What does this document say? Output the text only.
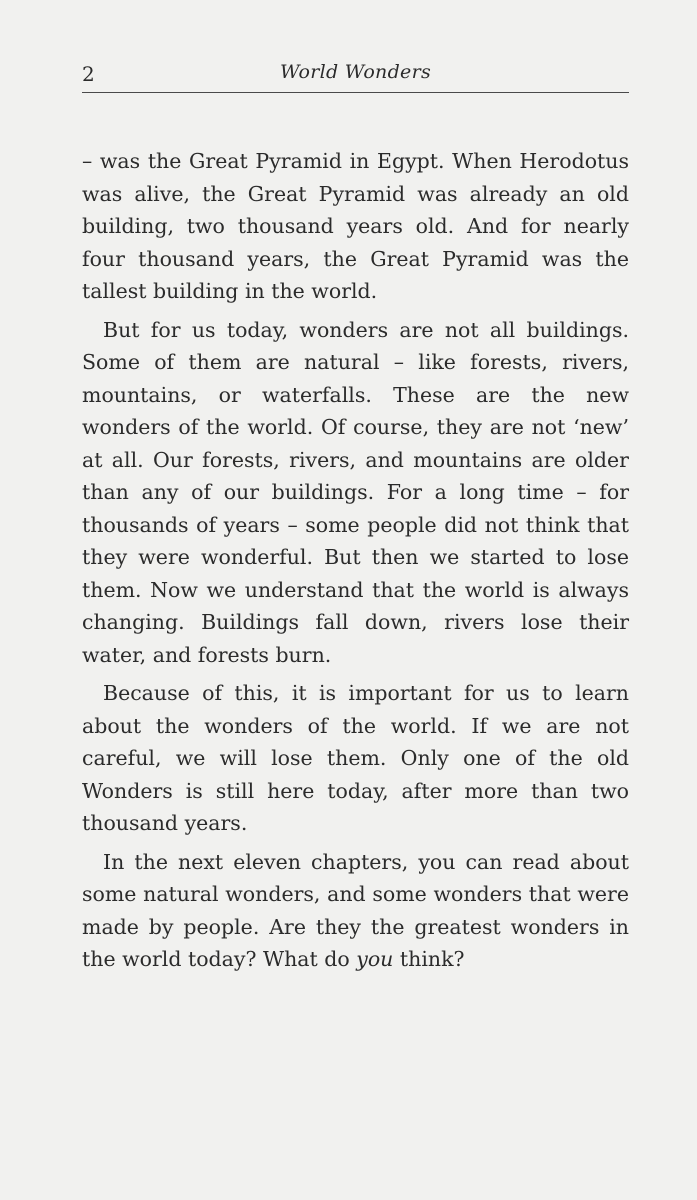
2	World Wonders

– was the Great Pyramid in Egypt. When Herodotus was alive, the Great Pyramid was already an old building, two thousand years old. And for nearly four thousand years, the Great Pyramid was the tallest building in the world.

But for us today, wonders are not all buildings. Some of them are natural – like forests, rivers, mountains, or waterfalls. These are the new wonders of the world. Of course, they are not ‘new’ at all. Our forests, rivers, and mountains are older than any of our buildings. For a long time – for thousands of years – some people did not think that they were wonderful. But then we started to lose them. Now we understand that the world is always changing. Buildings fall down, rivers lose their water, and forests burn.

Because of this, it is important for us to learn about the wonders of the world. If we are not careful, we will lose them. Only one of the old Wonders is still here today, after more than two thousand years.

In the next eleven chapters, you can read about some natural wonders, and some wonders that were made by people. Are they the greatest wonders in the world today? What do you think?
